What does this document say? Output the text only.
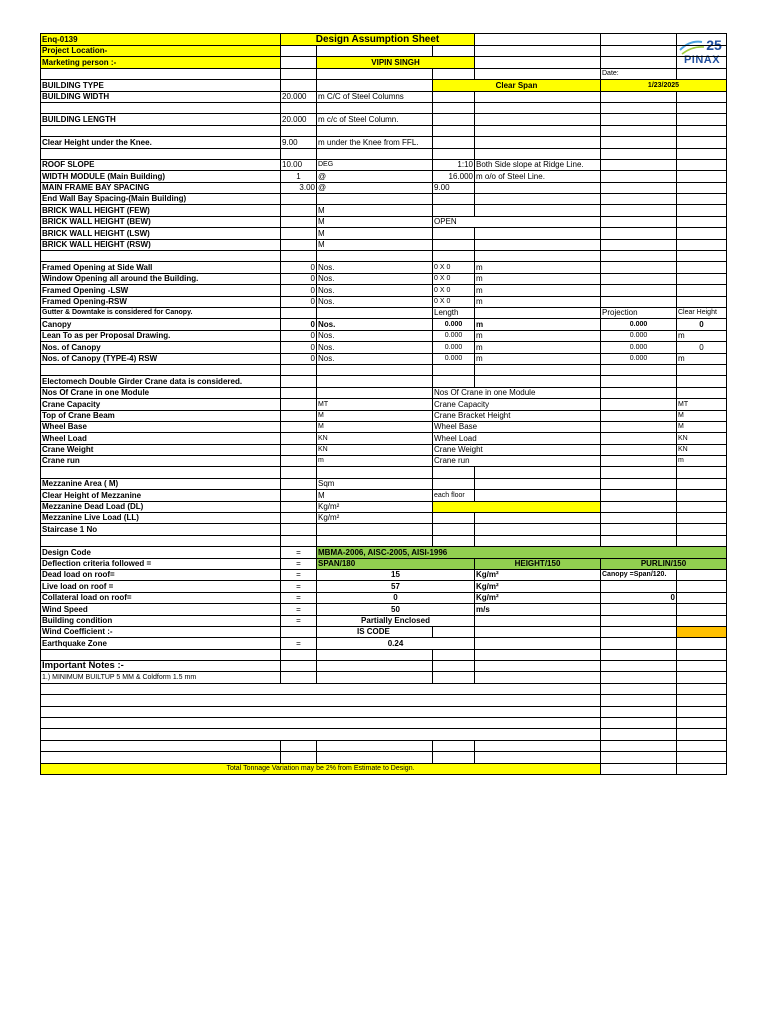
25
PINAX
Enq-0139	Design Assumption Sheet					
Project Location-						
Marketing person :-		VIPIN SINGH				
					Date:	
BUILDING TYPE			Clear Span		1/23/2025	
BUILDING WIDTH	20.000	m C/C of Steel Columns				

BUILDING LENGTH	20.000	m c/c of Steel Column.				

Clear Height under the Knee.	9.00	m under the Knee from FFL.				

ROOF SLOPE	10.00	DEG	1:10	Both Side slope at Ridge Line.		
WIDTH MODULE (Main Building)	1	@	16.000	m o/o of Steel Line.		
MAIN FRAME BAY SPACING	3.00	@	9.00			
End Wall Bay Spacing-(Main Building)						
BRICK WALL HEIGHT (FEW)		M				
BRICK WALL HEIGHT (BEW)		M	OPEN			
BRICK WALL HEIGHT (LSW)		M				
BRICK WALL HEIGHT (RSW)		M				

Framed Opening at Side Wall	0	Nos.	0 X 0	m		
Window Opening all around the Building.	0	Nos.	0 X 0	m		
Framed Opening -LSW	0	Nos.	0 X 0	m		
Framed Opening-RSW	0	Nos.	0 X 0	m		
Gutter & Downtake is considered for Canopy.			Length		Projection	Clear Height
Canopy	0	Nos.	0.000	m	0.000	0
Lean To as per Proposal Drawing.	0	Nos.	0.000	m	0.000	m
Nos. of Canopy	0	Nos.	0.000	m	0.000	0
Nos. of Canopy (TYPE-4) RSW	0	Nos.	0.000	m	0.000	m

Electomech Double Girder Crane data is considered.						
Nos Of Crane in one Module			Nos Of Crane in one Module			
Crane Capacity		MT	Crane Capacity			MT
Top of Crane Beam		M	Crane Bracket Height			M
Wheel Base		M	Wheel Base			M
Wheel Load		KN	Wheel Load			KN
Crane Weight		KN	Crane Weight			KN
Crane run		m	Crane run			m

Mezzanine Area ( M)		Sqm				
Clear Height of Mezzanine		M	each floor			
Mezzanine Dead Load (DL)		Kg/m²				
Mezzanine Live Load (LL)		Kg/m²				
Staircase 1 No						

Design Code	=	MBMA-2006, AISC-2005, AISI-1996				
Deflection criteria followed =	=	SPAN/180		HEIGHT/150	PURLIN/150	
Dead load on roof=	=	15		Kg/m²	Canopy =Span/120.	
Live load on roof =	=	57		Kg/m²		
Collateral load on roof=	=	0		Kg/m²	0	
Wind Speed	=	50		m/s		
Building condition	=	Partially Enclosed				
Wind Coefficient :-		IS CODE				
Earthquake Zone	=	0.24				

Important Notes :-						
1.) MINIMUM BUILTUP 5 MM & Coldform 1.5 mm						

Total Tonnage Variation may be 2% from Estimate to Design.						
